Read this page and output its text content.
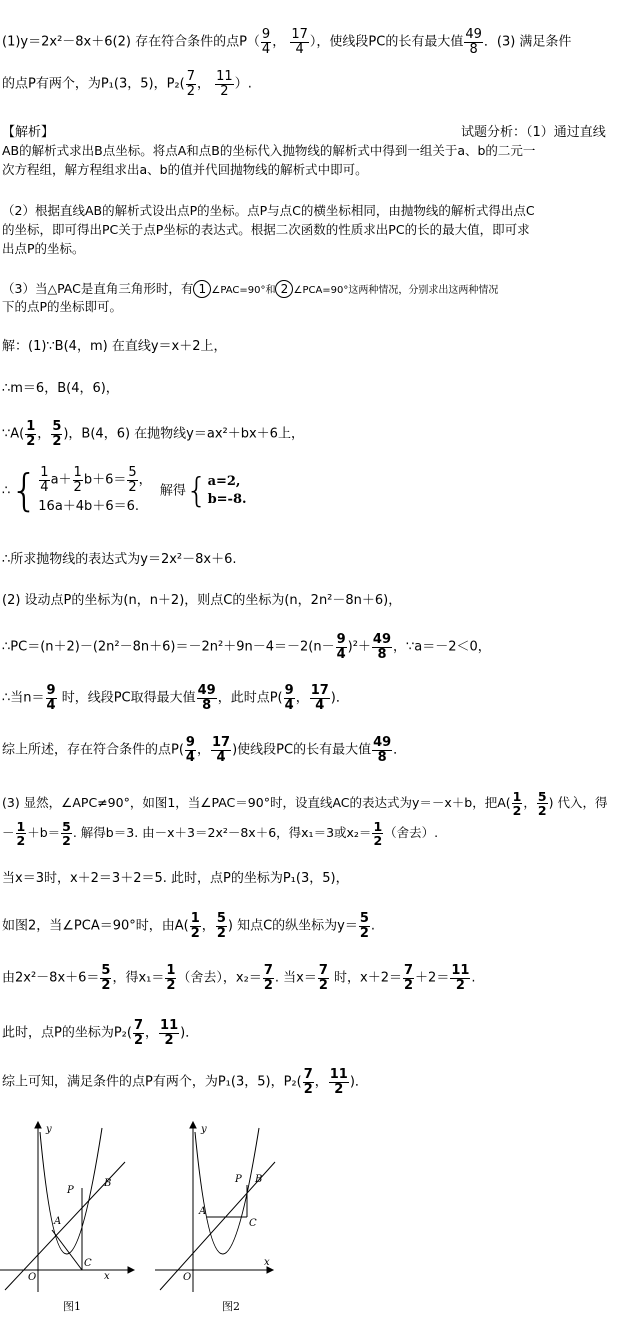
(1)y＝2x²－8x＋6(2) 存在符合条件的点$P( \frac{9}{4}$ ， $\frac{17}{4}$ ），使线段PC的长有最大值 $\frac{49}{8}$ ．(3) 满足条件
的点P有两个，为P₁(3，5)，$P_2( \frac{7}{2}$ ， $\frac{11}{2}$ ）.
【解析】	试题分析：（1）通过直线
AB的解析式求出B点坐标。将点A和点B的坐标代入抛物线的解析式中得到一组关于a、b的二元一
次方程组，解方程组求出a、b的值并代回抛物线的解析式中即可。
（2）根据直线AB的解析式设出点P的坐标。点P与点C的横坐标相同，由抛物线的解析式得出点C
的坐标，即可得出PC关于点P坐标的表达式。根据二次函数的性质求出PC的长的最大值，即可求
出点P的坐标。
（3）当△PAC是直角三角形时，有 1 ∠PAC=90°和 2 ∠PCA=90°这两种情况，分别求出这两种情况
下的点P的坐标即可。
解：(1)∵B(4，m) 在直线y＝x＋2上，
∴m＝6，B(4，6)，
∵A( $\frac{1}{2}$ ， $\frac{5}{2}$ )，B(4，6) 在抛物线y＝ax²＋bx＋6上，
∴{ $\frac{1}{4} a+ \frac{1}{2} b+6= \frac{5}{2}$ ，
16a＋4b＋6＝6.
解得{ a=2,
b=-8.
∴所求抛物线的表达式为y＝2x²－8x＋6.
(2) 设动点P的坐标为(n，n＋2)，则点C的坐标为(n，2n²－8n＋6)，
∴PC＝(n＋2)－(2n²－8n＋6)＝－2n²＋9n－4＝－2(n－ $\frac{9}{4} )^2+ \frac{49}{8}$ ，∵a＝－2＜0，
∴当$n= \frac{9}{4}$ 时，线段PC取得最大值 $\frac{49}{8}$ ，此时点$P( \frac{9}{4}$ ， $\frac{17}{4}$ )．
综上所述，存在符合条件的点$P( \frac{9}{4}$ ， $\frac{17}{4}$ )使线段PC的长有最大值 $\frac{49}{8}$ ．
(3) 显然，∠APC≠90°，如图1，当∠PAC＝90°时，设直线AC的表达式为y＝－x＋b，把$A( \frac{1}{2}$ ， $\frac{5}{2}$ ) 代入，得
－ $\frac{1}{2} +b= \frac{5}{2}$ . 解得b＝3. 由－x＋3＝2x²－8x＋6，得x₁＝3或$x_2= \frac{1}{2}$ （舍去）.
当x＝3时，x＋2＝3＋2＝5. 此时，点P的坐标为P₁(3，5)，
如图2，当∠PCA＝90°时，由$A( \frac{1}{2}$ ， $\frac{5}{2}$ ) 知点C的纵坐标为$y= \frac{5}{2}$ .
由$2x^2-8x+6= \frac{5}{2}$ ，得$x_1= \frac{1}{2}$ （舍去），$x_2= \frac{7}{2}$ . 当$x= \frac{7}{2}$ 时，$x+2= \frac{7}{2} +2= \frac{11}{2}$ .
此时，点P的坐标为$P_2( \frac{7}{2}$ ， $\frac{11}{2}$ )．
综上可知，满足条件的点P有两个，为P₁(3，5)，$P_2( \frac{7}{2}$ ， $\frac{11}{2}$ )．
y
x
O
A
B
C
P
图1
y
x
O
A
B
C
P
图2
